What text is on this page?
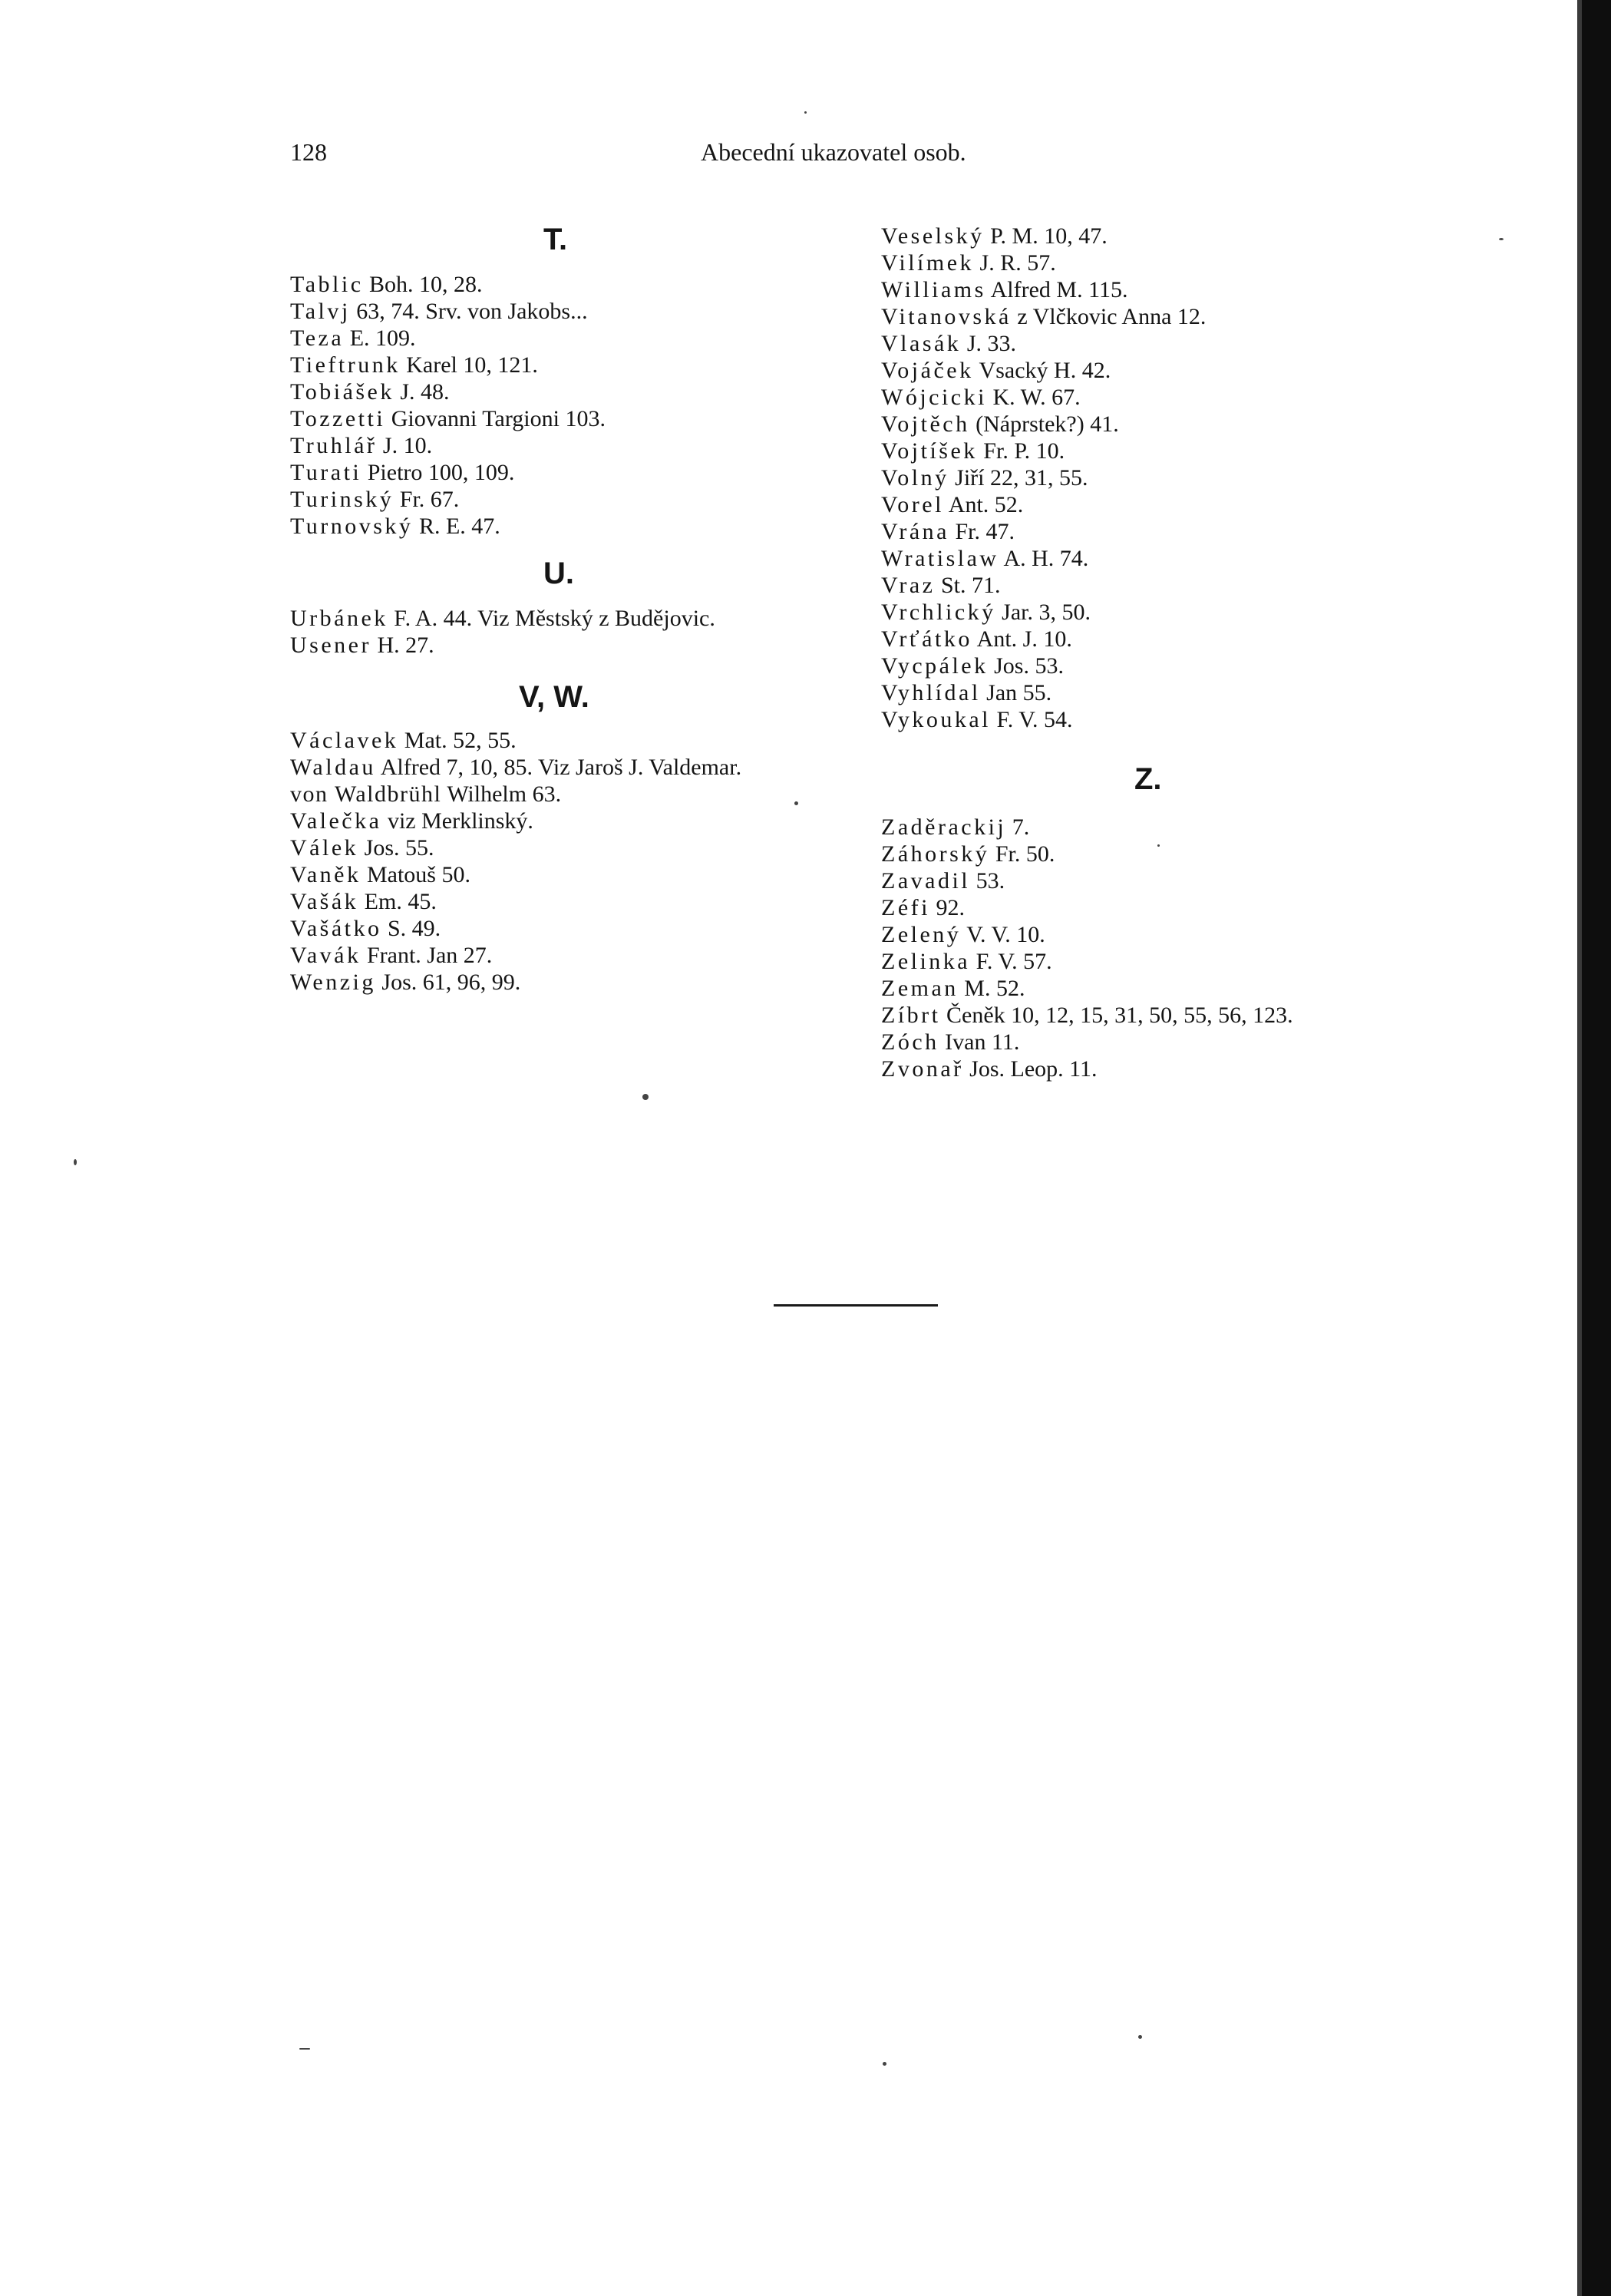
128	Abecední ukazovatel osob.

T.

Tablic Boh. 10, 28.

Talvj 63, 74. Srv. von Jakobs...

Teza E. 109.

Tieftrunk Karel 10, 121.

Tobiášek J. 48.

Tozzetti Giovanni Targioni 103.

Truhlář J. 10.

Turati Pietro 100, 109.

Turinský Fr. 67.

Turnovský R. E. 47.

U.

Urbánek F. A. 44. Viz Městský z Budějovic.

Usener H. 27.

V, W.

Václavek Mat. 52, 55.

Waldau Alfred 7, 10, 85. Viz Jaroš J. Valdemar.

von Waldbrühl Wilhelm 63.

Valečka viz Merklinský.

Válek Jos. 55.

Vaněk Matouš 50.

Vašák Em. 45.

Vašátko S. 49.

Vavák Frant. Jan 27.

Wenzig Jos. 61, 96, 99.

Veselský P. M. 10, 47.

Vilímek J. R. 57.

Williams Alfred M. 115.

Vitanovská z Vlčkovic Anna 12.

Vlasák J. 33.

Vojáček Vsacký H. 42.

Wójcicki K. W. 67.

Vojtěch (Náprstek?) 41.

Vojtíšek Fr. P. 10.

Volný Jiří 22, 31, 55.

Vorel Ant. 52.

Vrána Fr. 47.

Wratislaw A. H. 74.

Vraz St. 71.

Vrchlický Jar. 3, 50.

Vrťátko Ant. J. 10.

Vycpálek Jos. 53.

Vyhlídal Jan 55.

Vykoukal F. V. 54.

Z.

Zaděrackij 7.

Záhorský Fr. 50.

Zavadil 53.

Zéfi 92.

Zelený V. V. 10.

Zelinka F. V. 57.

Zeman M. 52.

Zíbrt Čeněk 10, 12, 15, 31, 50, 55, 56, 123.

Zóch Ivan 11.

Zvonař Jos. Leop. 11.
